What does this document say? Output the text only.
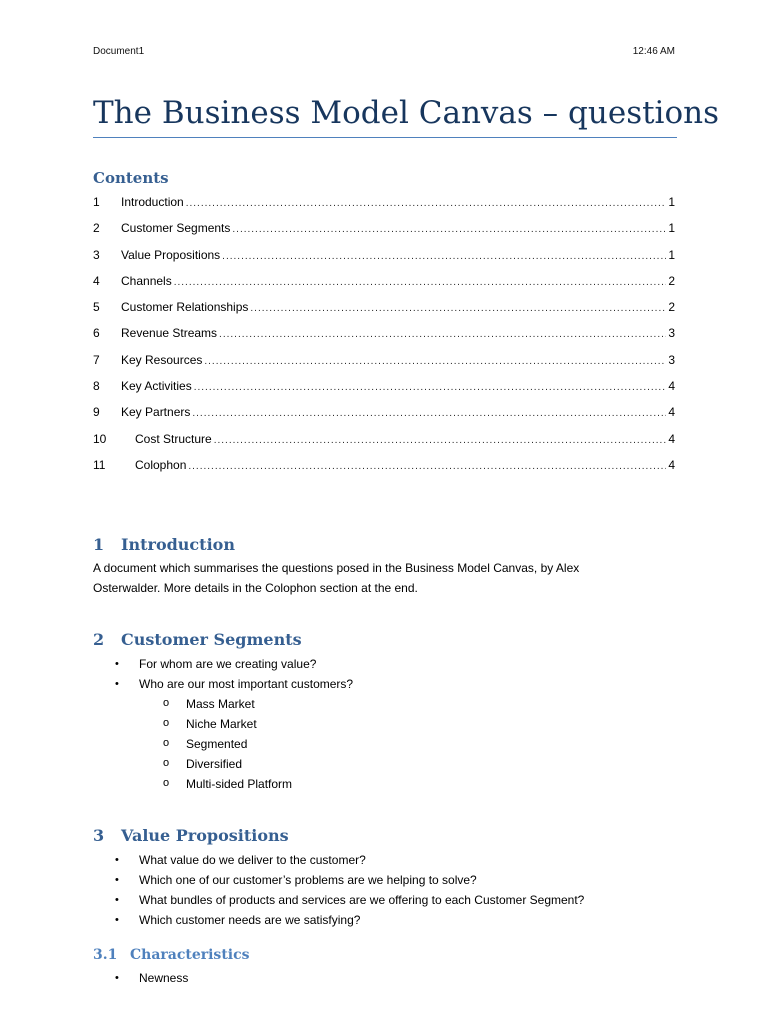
Document1	12:46 AM
The Business Model Canvas – questions
Contents
1	Introduction .....	1
2	Customer Segments .....	1
3	Value Propositions .....	1
4	Channels .....	2
5	Customer Relationships .....	2
6	Revenue Streams .....	3
7	Key Resources .....	3
8	Key Activities .....	4
9	Key Partners .....	4
10	Cost Structure .....	4
11	Colophon .....	4
1 Introduction
A document which summarises the questions posed in the Business Model Canvas, by Alex
Osterwalder. More details in the Colophon section at the end.
2 Customer Segments
• For whom are we creating value?
• Who are our most important customers?
o Mass Market
o Niche Market
o Segmented
o Diversified
o Multi-sided Platform
3 Value Propositions
• What value do we deliver to the customer?
• Which one of our customer’s problems are we helping to solve?
• What bundles of products and services are we offering to each Customer Segment?
• Which customer needs are we satisfying?
3.1 Characteristics
• Newness
